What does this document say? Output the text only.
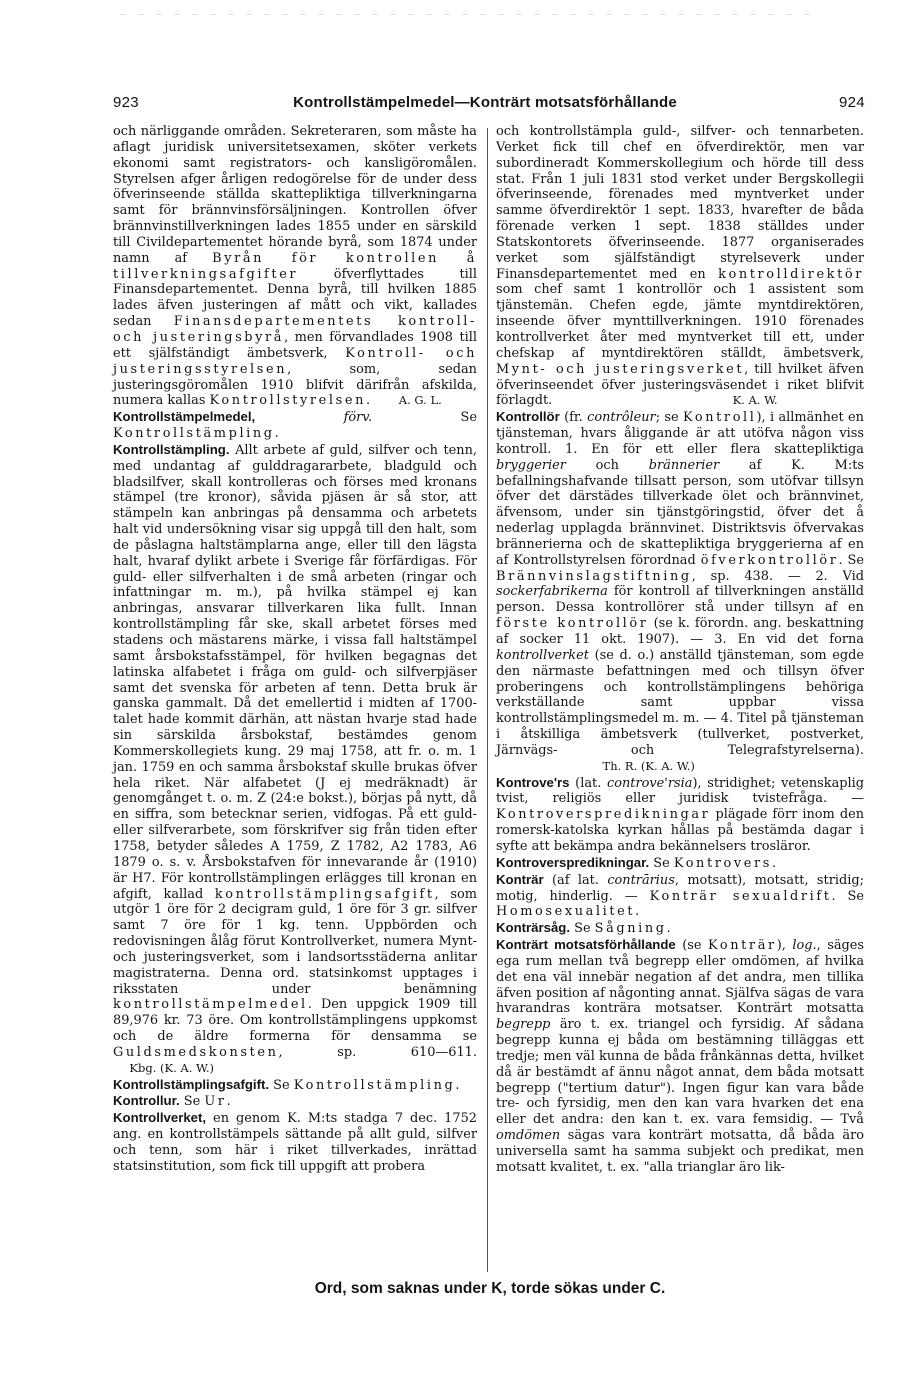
923	Kontrollstämpelmedel—Konträrt motsatsförhållande	924

och närliggande områden. Sekreteraren, som måste ha aflagt juridisk universitetsexamen, sköter verkets ekonomi samt registrators- och kansligöromålen. Styrelsen afger årligen redogörelse för de under dess öfverinseende ställda skattepliktiga tillverkningarna samt för brännvinsförsäljningen. Kontrollen öfver brännvinstillverkningen lades 1855 under en särskild till Civildepartementet hörande byrå, som 1874 under namn af Byrån för kontrollen å tillverkningsafgifter öfverflyttades till Finansdepartementet. Denna byrå, till hvilken 1885 lades äfven justeringen af mått och vikt, kallades sedan Finansdepartementets kontroll- och justeringsbyrå, men förvandlades 1908 till ett själfständigt ämbetsverk, Kontroll- och justeringsstyrelsen, som, sedan justeringsgöromålen 1910 blifvit därifrån afskilda, numera kallas Kontrollstyrelsen.       A. G. L.

Kontrollstämpelmedel,	förv. Se Kontrollstämpling.

Kontrollstämpling. Allt arbete af guld, silfver och tenn, med undantag af gulddragararbete, bladguld och bladsilfver, skall kontrolleras och förses med kronans stämpel (tre kronor), såvida pjäsen är så stor, att stämpeln kan anbringas på densamma och arbetets halt vid undersökning visar sig uppgå till den halt, som de påslagna haltstämplarna ange, eller till den lägsta halt, hvaraf dylikt arbete i Sverige får förfärdigas. För guld- eller silfverhalten i de små arbeten (ringar och infattningar m. m.), på hvilka stämpel ej kan anbringas, ansvarar tillverkaren lika fullt. Innan kontrollstämpling får ske, skall arbetet förses med stadens och mästarens märke, i vissa fall haltstämpel samt årsbokstafsstämpel, för hvilken begagnas det latinska alfabetet i fråga om guld- och silfverpjäser samt det svenska för arbeten af tenn. Detta bruk är ganska gammalt. Då det emellertid i midten af 1700-talet hade kommit därhän, att nästan hvarje stad hade sin särskilda årsbokstaf, bestämdes genom Kommerskollegiets kung. 29 maj 1758, att fr. o. m. 1 jan. 1759 en och samma årsbokstaf skulle brukas öfver hela riket. När alfabetet (J ej medräknadt) är genomgånget t. o. m. Z (24:e bokst.), börjas på nytt, då en siffra, som betecknar serien, vidfogas. På ett guld- eller silfverarbete, som förskrifver sig från tiden efter 1758, betyder således A 1759, Z 1782, A2 1783, A6 1879 o. s. v. Årsbokstafven för innevarande år (1910) är H7. För kontrollstämplingen erlägges till kronan en afgift, kallad kontrollstämplingsafgift, som utgör 1 öre för 2 decigram guld, 1 öre för 3 gr. silfver samt 7 öre för 1 kg. tenn. Uppbörden och redovisningen ålåg förut Kontrollverket, numera Mynt- och justeringsverket, som i landsortsstäderna anlitar magistraterna. Denna ord. statsinkomst upptages i riksstaten under benämning kontrollstämpelmedel. Den uppgick 1909 till 89,976 kr. 73 öre. Om kontrollstämplingens uppkomst och de äldre formerna för densamma se Guldsmedskonsten, sp. 610—611.     Kbg. (K. A. W.)

Kontrollstämplingsafgift. Se Kontrollstämpling.

Kontrollur. Se Ur.

Kontrollverket, en genom K. M:ts stadga 7 dec. 1752 ang. en kontrollstämpels sättande på allt guld, silfver och tenn, som här i riket tillverkades, inrättad statsinstitution, som fick till uppgift att probera

och kontrollstämpla guld-, silfver- och tennarbeten. Verket fick till chef en öfverdirektör, men var subordineradt Kommerskollegium och hörde till dess stat. Från 1 juli 1831 stod verket under Bergskollegii öfverinseende, förenades med myntverket under samme öfverdirektör 1 sept. 1833, hvarefter de båda förenade verken 1 sept. 1838 ställdes under Statskontorets öfverinseende. 1877 organiserades verket som själfständigt styrelseverk under Finansdepartementet med en kontrolldirektör som chef samt 1 kontrollör och 1 assistent som tjänstemän. Chefen egde, jämte myntdirektören, inseende öfver mynttillverkningen. 1910 förenades kontrollverket åter med myntverket till ett, under chefskap af myntdirektören ställdt, ämbetsverk, Mynt- och justeringsverket, till hvilket äfven öfverinseendet öfver justeringsväsendet i riket blifvit förlagdt.	K. A. W.

Kontrollör (fr. contrôleur; se Kontroll), i allmänhet en tjänsteman, hvars åliggande är att utöfva någon viss kontroll. 1. En för ett eller flera skattepliktiga bryggerier och brännerier af K. M:ts befallningshafvande tillsatt person, som utöfvar tillsyn öfver det därstädes tillverkade ölet och brännvinet, äfvensom, under sin tjänstgöringstid, öfver det å nederlag upplagda brännvinet. Distriktsvis öfvervakas brännerierna och de skattepliktiga bryggerierna af en af Kontrollstyrelsen förordnad öfverkontrollör. Se Brännvinslagstiftning, sp. 438. — 2. Vid sockerfabrikerna för kontroll af tillverkningen anställd person. Dessa kontrollörer stå under tillsyn af en förste kontrollör (se k. förordn. ang. beskattning af socker 11 okt. 1907). — 3. En vid det forna kontrollverket (se d. o.) anställd tjänsteman, som egde den närmaste befattningen med och tillsyn öfver proberingens och kontrollstämplingens behöriga verkställande samt uppbar vissa kontrollstämplingsmedel m. m. — 4. Titel på tjänsteman i åtskilliga ämbetsverk (tullverket, postverket, Järnvägs- och Telegrafstyrelserna).                           Th. R. (K. A. W.)

Kontrove'rs (lat. controve'rsia), stridighet; vetenskaplig tvist, religiös eller juridisk tvistefråga. — Kontroverspredikningar plägade förr inom den romersk-katolska kyrkan hållas på bestämda dagar i syfte att bekämpa andra bekännelsers trosläror.

Kontroverspredikningar. Se Kontrovers.

Konträr (af lat. contrārius, motsatt), motsatt, stridig; motig, hinderlig. — Konträr sexualdrift. Se Homosexualitet.

Konträrsåg. Se Sågning.

Konträrt motsatsförhållande (se Konträr), log., säges ega rum mellan två begrepp eller omdömen, af hvilka det ena väl innebär negation af det andra, men tillika äfven position af någonting annat. Själfva sägas de vara hvarandras konträra motsatser. Konträrt motsatta begrepp äro t. ex. triangel och fyrsidig. Af sådana begrepp kunna ej båda om bestämning tilläggas ett tredje; men väl kunna de båda frånkännas detta, hvilket då är bestämdt af ännu något annat, dem båda motsatt begrepp ("tertium datur"). Ingen figur kan vara både tre- och fyrsidig, men den kan vara hvarken det ena eller det andra: den kan t. ex. vara femsidig. — Två omdömen sägas vara konträrt motsatta, då båda äro universella samt ha samma subjekt och predikat, men motsatt kvalitet, t. ex. "alla trianglar äro lik-

Ord, som saknas under K, torde sökas under C.
